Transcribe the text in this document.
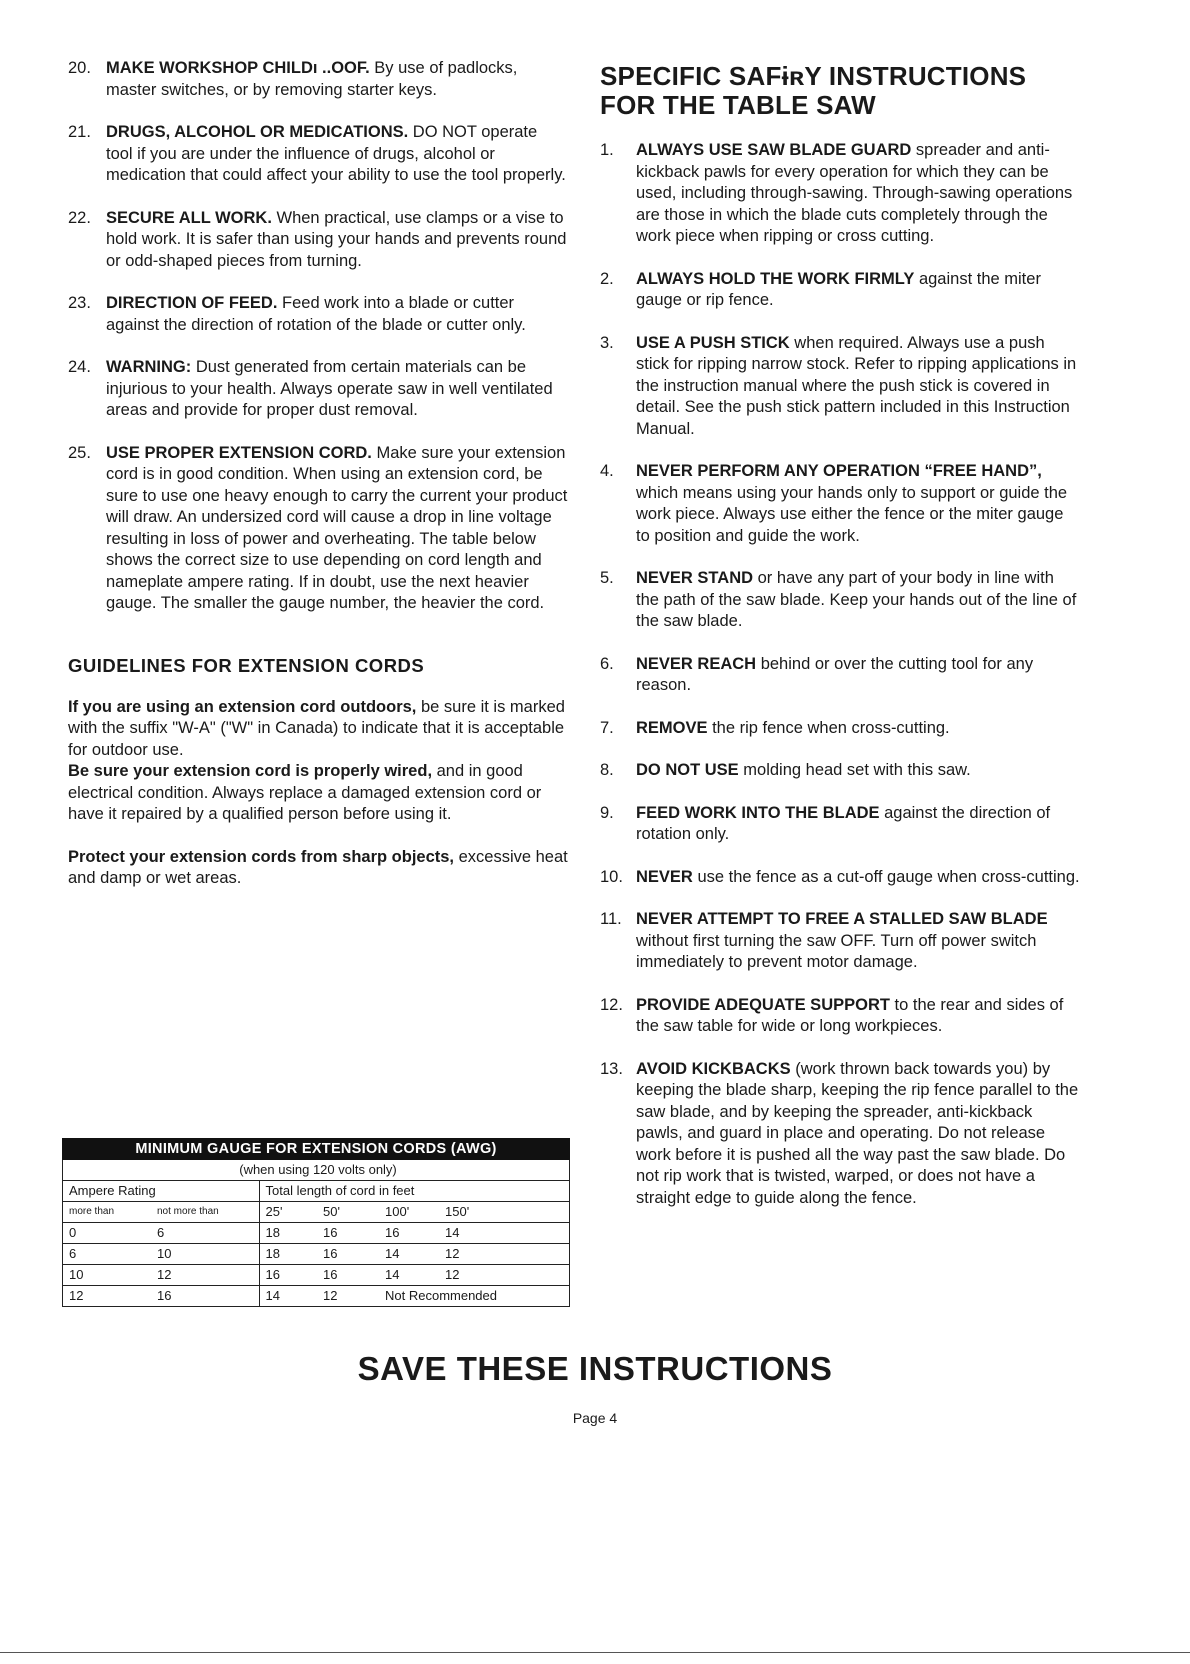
20. MAKE WORKSHOP CHILDı ..OOF. By use of padlocks, master switches, or by removing starter keys.
21. DRUGS, ALCOHOL OR MEDICATIONS. DO NOT operate tool if you are under the influence of drugs, alcohol or medication that could affect your ability to use the tool properly.
22. SECURE ALL WORK. When practical, use clamps or a vise to hold work. It is safer than using your hands and prevents round or odd-shaped pieces from turning.
23. DIRECTION OF FEED. Feed work into a blade or cutter against the direction of rotation of the blade or cutter only.
24. WARNING: Dust generated from certain materials can be injurious to your health. Always operate saw in well ventilated areas and provide for proper dust removal.
25. USE PROPER EXTENSION CORD. Make sure your extension cord is in good condition. When using an extension cord, be sure to use one heavy enough to carry the current your product will draw. An undersized cord will cause a drop in line voltage resulting in loss of power and overheating. The table below shows the correct size to use depending on cord length and nameplate ampere rating. If in doubt, use the next heavier gauge. The smaller the gauge number, the heavier the cord.
GUIDELINES FOR EXTENSION CORDS
If you are using an extension cord outdoors, be sure it is marked with the suffix "W-A" ("W" in Canada) to indicate that it is acceptable for outdoor use.
Be sure your extension cord is properly wired, and in good electrical condition. Always replace a damaged extension cord or have it repaired by a qualified person before using it.
Protect your extension cords from sharp objects, excessive heat and damp or wet areas.
MINIMUM GAUGE FOR EXTENSION CORDS (AWG)
(when using 120 volts only)					
Ampere Rating		Total length of cord in feet			
more than	not more than	25'	50'	100'	150'
0	6	18	16	16	14
6	10	18	16	14	12
10	12	16	16	14	12
12	16	14	12	Not Recommended	
SPECIFIC SAFɨʀY INSTRUCTIONS
FOR THE TABLE SAW
1.	ALWAYS USE SAW BLADE GUARD spreader and anti-kickback pawls for every operation for which they can be used, including through-sawing. Through-sawing operations are those in which the blade cuts completely through the work piece when ripping or cross cutting.
2.	ALWAYS HOLD THE WORK FIRMLY against the miter gauge or rip fence.
3.	USE A PUSH STICK when required. Always use a push stick for ripping narrow stock. Refer to ripping applications in the instruction manual where the push stick is covered in detail. See the push stick pattern included in this Instruction Manual.
4.	NEVER PERFORM ANY OPERATION “FREE HAND”, which means using your hands only to support or guide the work piece. Always use either the fence or the miter gauge to position and guide the work.
5.	NEVER STAND or have any part of your body in line with the path of the saw blade. Keep your hands out of the line of the saw blade.
6.	NEVER REACH behind or over the cutting tool for any reason.
7.	REMOVE the rip fence when cross-cutting.
8.	DO NOT USE molding head set with this saw.
9.	FEED WORK INTO THE BLADE against the direction of rotation only.
10. NEVER use the fence as a cut-off gauge when cross-cutting.
11. NEVER ATTEMPT TO FREE A STALLED SAW BLADE without first turning the saw OFF. Turn off power switch immediately to prevent motor damage.
12. PROVIDE ADEQUATE SUPPORT to the rear and sides of the saw table for wide or long workpieces.
13. AVOID KICKBACKS (work thrown back towards you) by keeping the blade sharp, keeping the rip fence parallel to the saw blade, and by keeping the spreader, anti-kickback pawls, and guard in place and operating. Do not release work before it is pushed all the way past the saw blade. Do not rip work that is twisted, warped, or does not have a straight edge to guide along the fence.
SAVE THESE INSTRUCTIONS
Page 4
